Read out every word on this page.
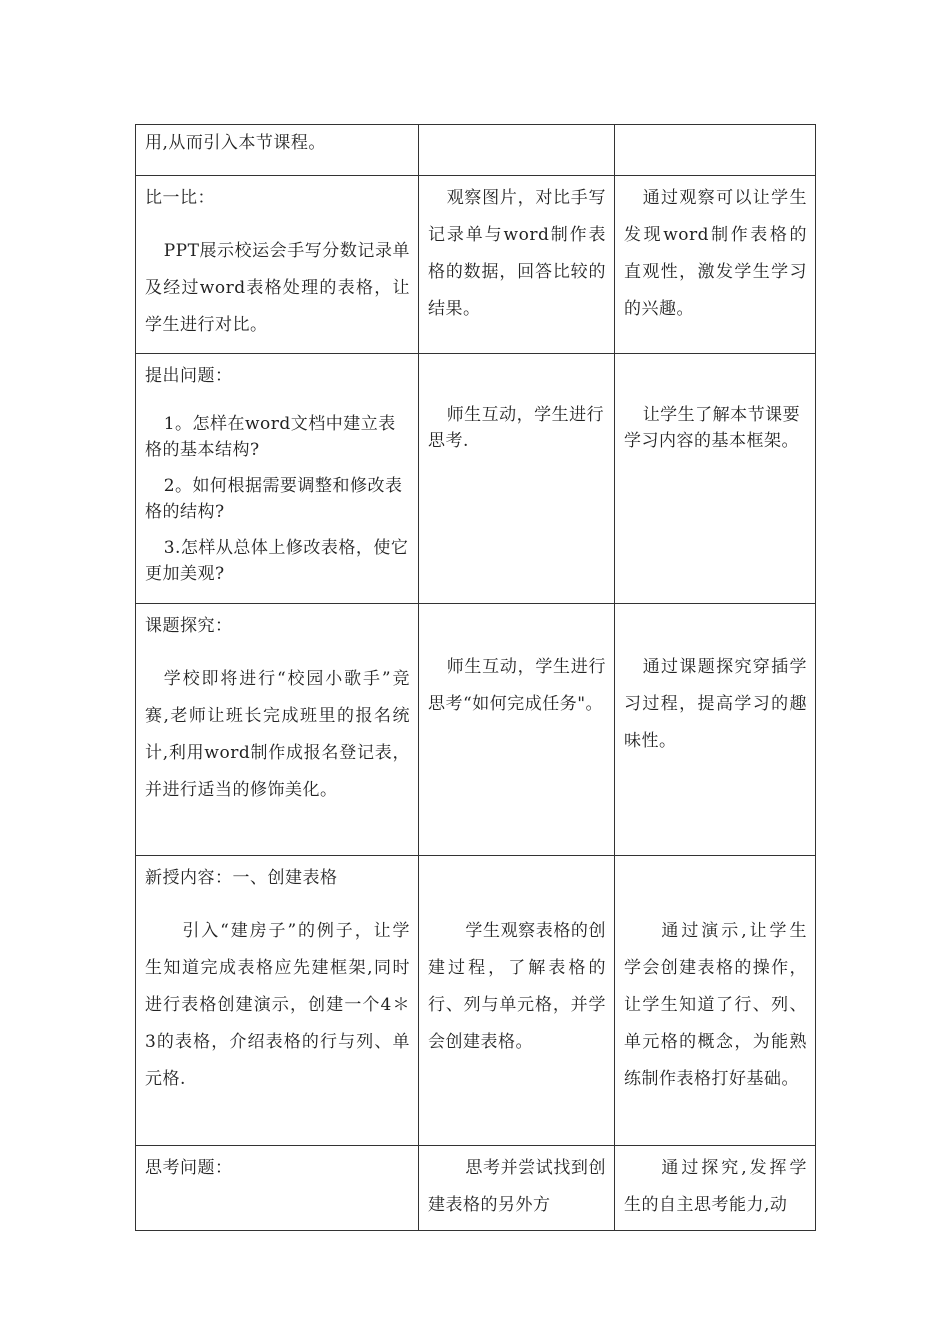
用,从而引入本节课程。		

比一比：

PPT展示校运会手写分数记录单及经过word表格处理的表格，让学生进行对比。	观察图片，对比手写记录单与word制作表格的数据，回答比较的结果。	通过观察可以让学生发现word制作表格的直观性，激发学生学习的兴趣。

提出问题：

1。怎样在word文档中建立表格的基本结构?

2。如何根据需要调整和修改表格的结构?

3.怎样从总体上修改表格，使它更加美观?	师生互动，学生进行思考.	让学生了解本节课要学习内容的基本框架。

课题探究：

学校即将进行“校园小歌手”竞赛,老师让班长完成班里的报名统计,利用word制作成报名登记表，并进行适当的修饰美化。	师生互动，学生进行思考“如何完成任务"。	通过课题探究穿插学习过程，提高学习的趣味性。

新授内容：一、创建表格

引入“建房子”的例子，让学生知道完成表格应先建框架,同时进行表格创建演示，创建一个4＊3的表格，介绍表格的行与列、单元格.	学生观察表格的创建过程，了解表格的行、列与单元格，并学会创建表格。	通过演示,让学生学会创建表格的操作，让学生知道了行、列、单元格的概念，为能熟练制作表格打好基础。

思考问题：	思考并尝试找到创建表格的另外方	通过探究,发挥学生的自主思考能力,动
